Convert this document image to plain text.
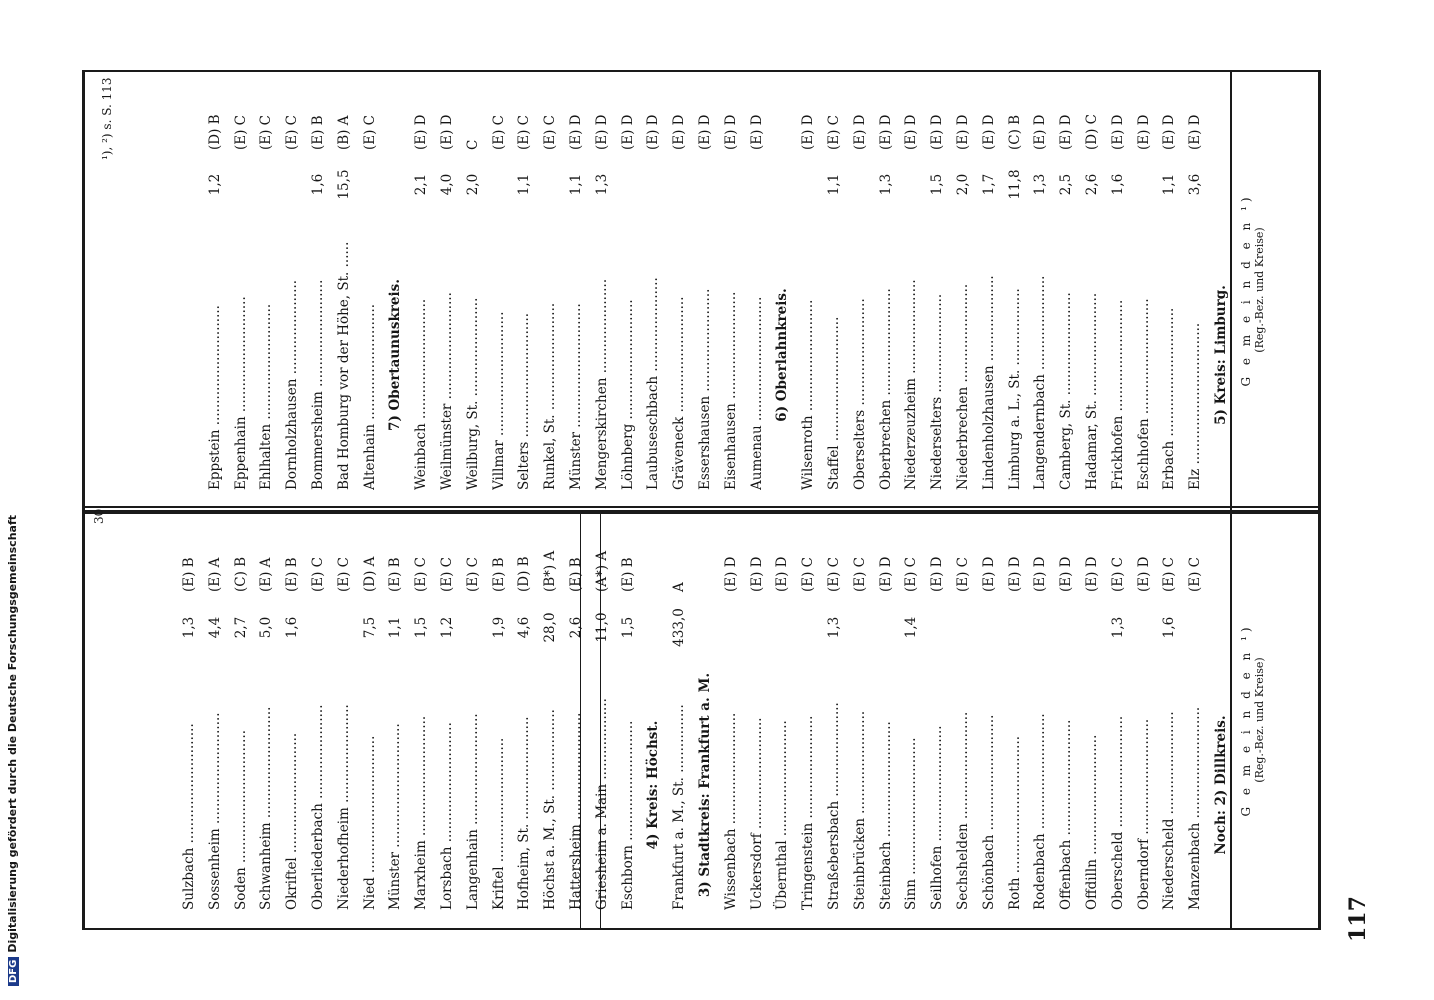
117
G e m e i n d e n ¹) (Reg.-Bez. und Kreise)
G e m e i n d e n ¹) (Reg.-Bez. und Kreise)
Noch: 2) Dillkreis.
Manzenbach ..........................
(E) C
Niederscheld ........................
1,6
(E) C
Oberndorf ...........................
(E) D
Oberscheld ..........................
1,3
(E) C
Offdilln ............................
(E) D
Offenbach ...........................
(E) D
Rodenbach ...........................
(E) D
Roth ................................
(E) D
Schönbach ...........................
(E) D
Sechshelden .........................
(E) C
Seilhofen ...........................
(E) D
Sinn ................................
1,4
(E) C
Steinbach ...........................
(E) D
Steinbrücken ........................
(E) C
Straßebersbach ......................
1,3
(E) C
Tringenstein ........................
(E) C
Übernthal ...........................
(E) D
Uckersdorf ..........................
(E) D
Wissenbach ..........................
(E) D
3) Stadtkreis: Frankfurt a. M.
Frankfurt a. M., St. ................
433,0
A
4) Kreis: Höchst.
Eschborn ............................
1,5
(E) B
Griesheim a. Main ...................
11,0
(A*) A
Hattersheim .........................
2,6
(E) B
Höchst a. M., St. ...................
28,0
(B*) A
Hofheim, St. ........................
4,6
(D) B
Kriftel .............................
1,9
(E) B
Langenhain ..........................
(E) C
Lorsbach ............................
1,2
(E) C
Marxheim ............................
1,5
(E) C
Münster .............................
1,1
(E) B
Nied ................................
7,5
(D) A
Niederhofheim .......................
(E) C
Oberliederbach ......................
(E) C
Okriftel ............................
1,6
(E) B
Schwanheim ..........................
5,0
(E) A
Soden ...............................
2,7
(C) B
Sossenheim ..........................
4,4
(E) A
Sulzbach ............................
1,3
(E) B
5) Kreis: Limburg.
Elz .................................
3,6
(E) D
Erbach ..............................
1,1
(E) D
Eschhofen ...........................
(E) D
Frickhofen ..........................
1,6
(E) D
Hadamar, St. ........................
2,6
(D) C
Camberg, St. ........................
2,5
(E) D
Langendernbach ......................
1,3
(E) D
Limburg a. L., St. ..................
11,8
(C) B
Lindenholzhausen ....................
1,7
(E) D
Niederbrechen .......................
2,0
(E) D
Niederselters .......................
1,5
(E) D
Niederzeuzheim ......................
(E) D
Oberbrechen .........................
1,3
(E) D
Oberselters .........................
(E) D
Staffel .............................
1,1
(E) C
Wilsenroth ..........................
(E) D
6) Oberlahnkreis.
Aumenau .............................
(E) D
Eisenhausen .........................
(E) D
Essershausen ........................
(E) D
Gräveneck ...........................
(E) D
Laubuseschbach ......................
(E) D
Löhnberg ............................
(E) D
Mengerskirchen ......................
1,3
(E) D
Münster .............................
1,1
(E) D
Runkel, St. .........................
(E) C
Selters .............................
1,1
(E) C
Villmar .............................
(E) C
Weilburg, St. .......................
2,0
C
Weilmünster .........................
4,0
(E) D
Weinbach ............................
2,1
(E) D
7) Obertaunuskreis.
Altenhain ...........................
(E) C
Bad Homburg vor der Höhe, St. ......
15,5
(B) A
Bommersheim .........................
1,6
(E) B
Dornholzhausen ......................
(E) C
Ehlhalten ...........................
(E) C
Eppenhain ...........................
(E) C
Eppstein ............................
1,2
(D) B
¹), ²) s. S. 113
30
DFGDigitalisierung gefördert durch die Deutsche Forschungsgemeinschaft
